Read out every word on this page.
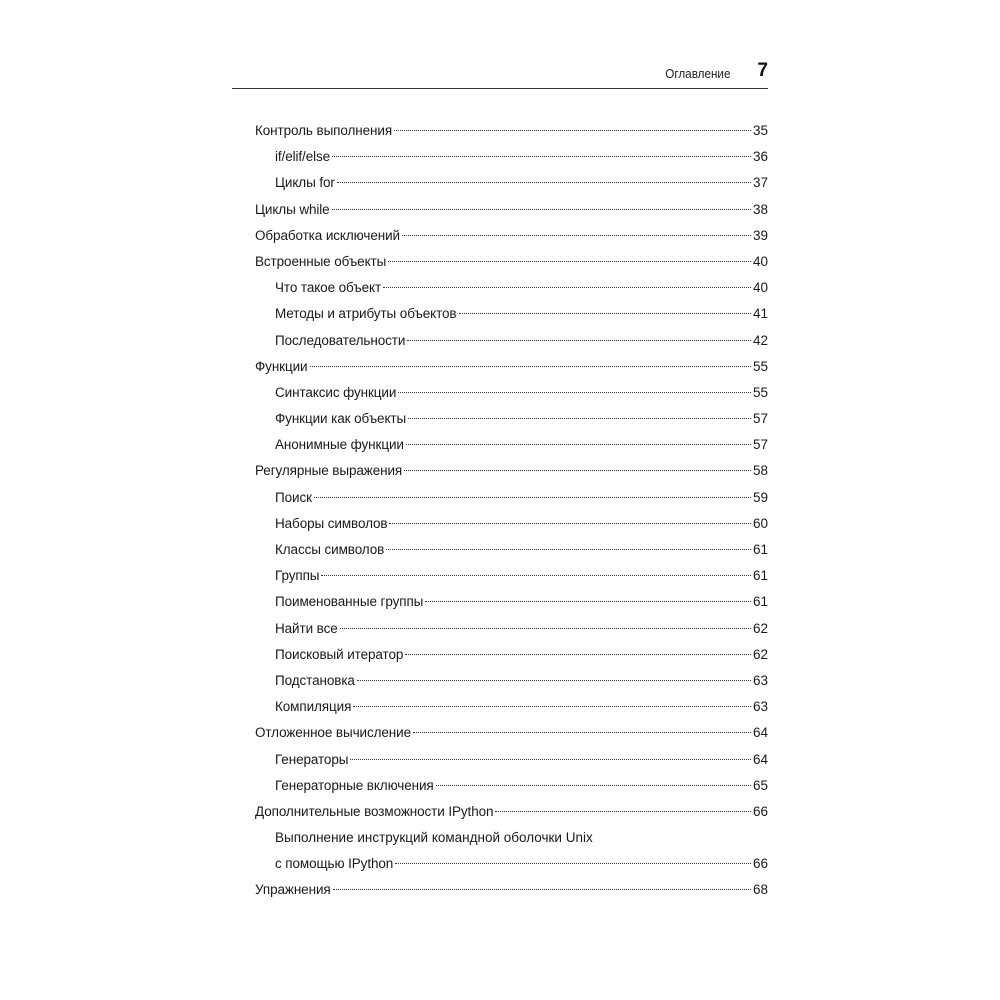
Оглавление 7
Контроль выполнения	35
if/elif/else	36
Циклы for	37
Циклы while	38
Обработка исключений	39
Встроенные объекты	40
Что такое объект	40
Методы и атрибуты объектов	41
Последовательности	42
Функции	55
Синтаксис функции	55
Функции как объекты	57
Анонимные функции	57
Регулярные выражения	58
Поиск	59
Наборы символов	60
Классы символов	61
Группы	61
Поименованные группы	61
Найти все	62
Поисковый итератор	62
Подстановка	63
Компиляция	63
Отложенное вычисление	64
Генераторы	64
Генераторные включения	65
Дополнительные возможности IPython	66
Выполнение инструкций командной оболочки Unix
с помощью IPython	66
Упражнения	68
